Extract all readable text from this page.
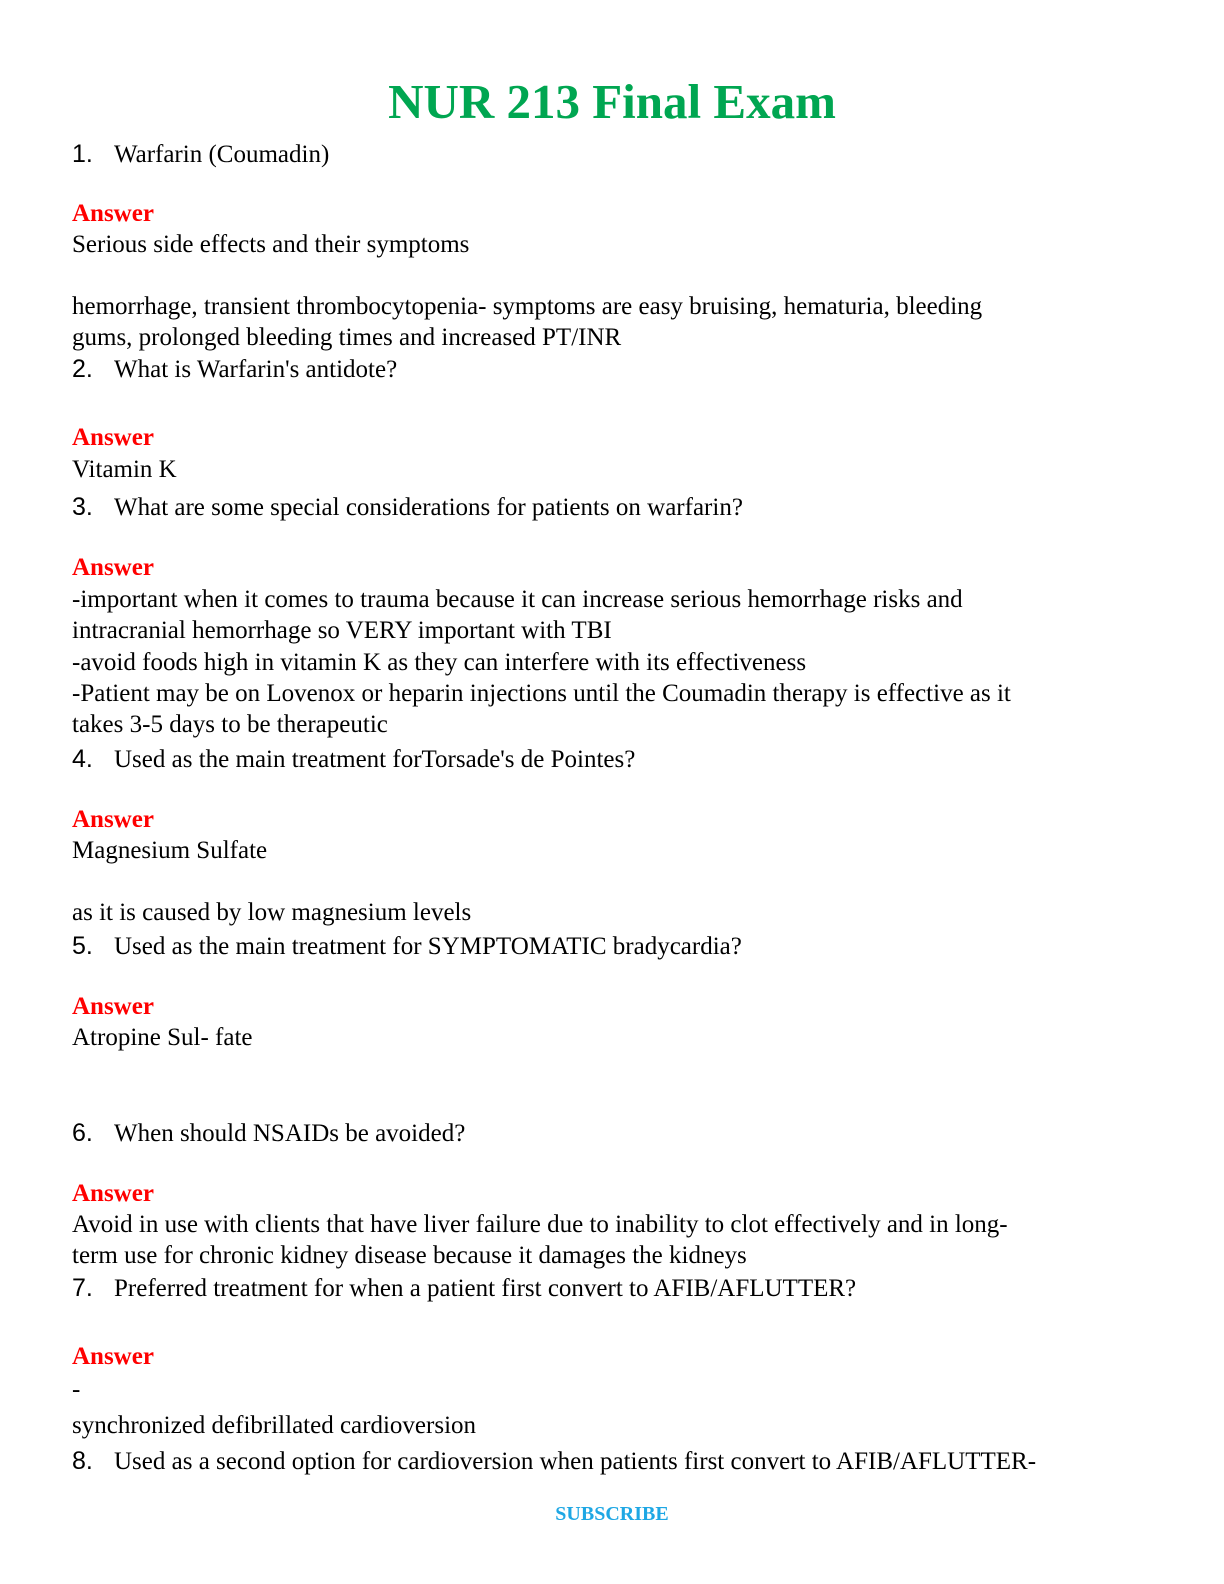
NUR 213 Final Exam
1. Warfarin (Coumadin)
Answer
Serious side effects and their symptoms
hemorrhage, transient thrombocytopenia- symptoms are easy bruising, hematuria, bleeding
gums, prolonged bleeding times and increased PT/INR
2. What is Warfarin's antidote?
Answer
Vitamin K
3. What are some special considerations for patients on warfarin?
Answer
-important when it comes to trauma because it can increase serious hemorrhage risks and
intracranial hemorrhage so VERY important with TBI
-avoid foods high in vitamin K as they can interfere with its effectiveness
-Patient may be on Lovenox or heparin injections until the Coumadin therapy is effective as it
takes 3-5 days to be therapeutic
4. Used as the main treatment forTorsade's de Pointes?
Answer
Magnesium Sulfate
as it is caused by low magnesium levels
5. Used as the main treatment for SYMPTOMATIC bradycardia?
Answer
Atropine Sul- fate
6. When should NSAIDs be avoided?
Answer
Avoid in use with clients that have liver failure due to inability to clot effectively and in long-
term use for chronic kidney disease because it damages the kidneys
7. Preferred treatment for when a patient first convert to AFIB/AFLUTTER?
Answer
-
synchronized defibrillated cardioversion
8. Used as a second option for cardioversion when patients first convert to AFIB/AFLUTTER-
SUBSCRIBE
